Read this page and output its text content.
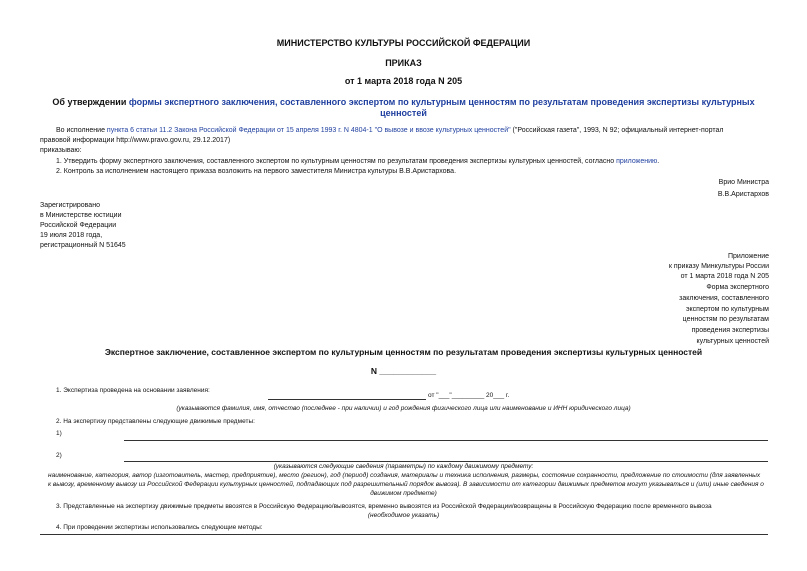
МИНИСТЕРСТВО КУЛЬТУРЫ РОССИЙСКОЙ ФЕДЕРАЦИИ
ПРИКАЗ
от 1 марта 2018 года N 205
Об утверждении формы экспертного заключения, составленного экспертом по культурным ценностям по результатам проведения экспертизы культурных
ценностей
Во исполнение пункта 6 статьи 11.2 Закона Российской Федерации от 15 апреля 1993 г. N 4804-1 "О вывозе и ввозе культурных ценностей" ("Российская газета", 1993, N 92; официальный интернет-портал
правовой информации http://www.pravo.gov.ru, 29.12.2017)
приказываю:
1. Утвердить форму экспертного заключения, составленного экспертом по культурным ценностям по результатам проведения экспертизы культурных ценностей, согласно приложению.
2. Контроль за исполнением настоящего приказа возложить на первого заместителя Министра культуры В.В.Аристархова.
Врио Министра
В.В.Аристархов
Зарегистрировано
в Министерстве юстиции
Российской Федерации
19 июля 2018 года,
регистрационный N 51645
Приложение
к приказу Минкультуры России
от 1 марта 2018 года N 205
Форма экспертного
заключения, составленного
экспертом по культурным
ценностям по результатам
проведения экспертизы
культурных ценностей
Экспертное заключение, составленное экспертом по культурным ценностям по результатам проведения экспертизы культурных ценностей
N ____________
1. Экспертиза проведена на основании заявления:
от "___"_________ 20___ г.
(указываются фамилия, имя, отчество (последнее - при наличии) и год рождения физического лица или наименование и ИНН юридического лица)
2. На экспертизу представлены следующие движимые предметы:
1)
2)
(указываются следующие сведения (параметры) по каждому движимому предмету:
наименование, категория, автор (изготовитель, мастер, предприятие), место (регион), год (период) создания, материалы и техника исполнения, размеры, состояние сохранности, предложение по стоимости (для заявленных
к вывозу, временному вывозу из Российской Федерации культурных ценностей, подпадающих под разрешительный порядок вывоза). В зависимости от категории движимых предметов могут указываться и (или) иные сведения о
движимом предмете)
3. Представленные на экспертизу движимые предметы ввозятся в Российскую Федерацию/вывозятся, временно вывозятся из Российской Федерации/возвращены в Российскую Федерацию после временного вывоза
(необходимое указать)
4. При проведении экспертизы использовались следующие методы:
